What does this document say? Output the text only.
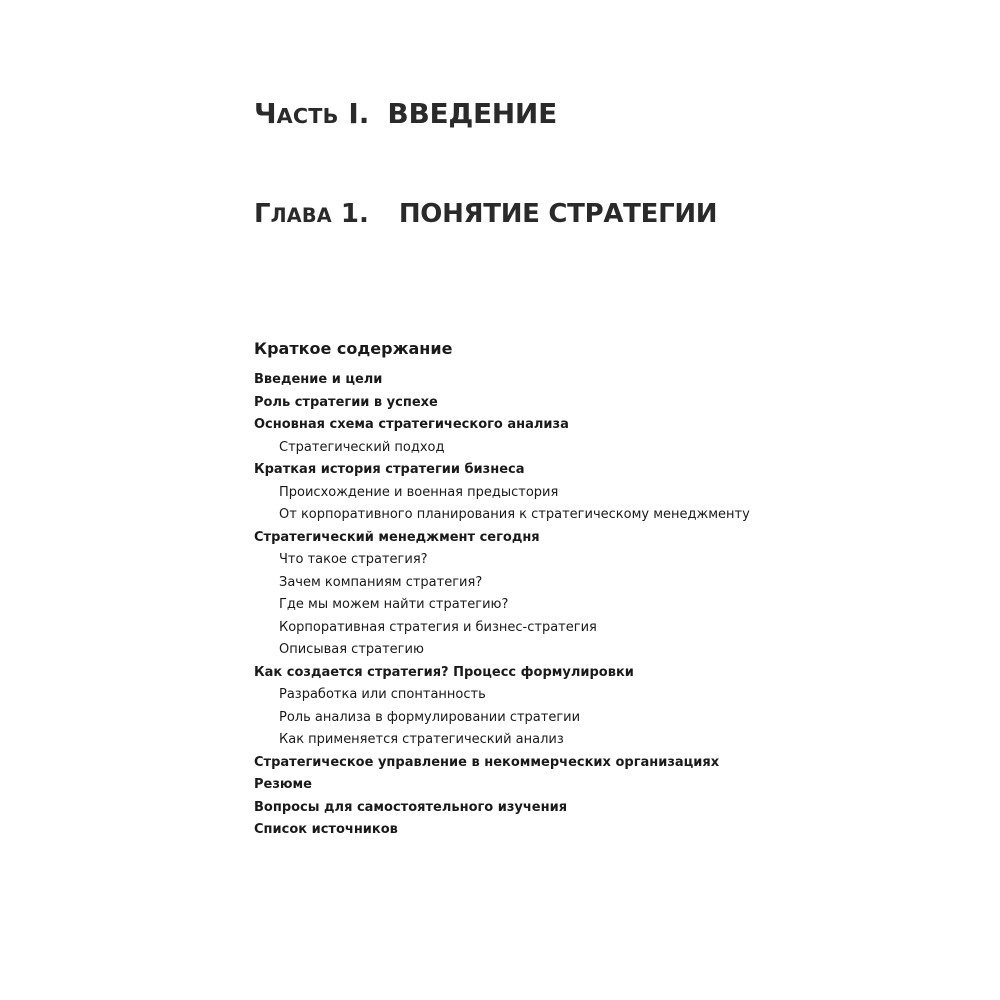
ЧАСТЬ I. ВВЕДЕНИЕ
ГЛАВА 1. ПОНЯТИЕ СТРАТЕГИИ
Краткое содержание
Введение и цели
Роль стратегии в успехе
Основная схема стратегического анализа
Стратегический подход
Краткая история стратегии бизнеса
Происхождение и военная предыстория
От корпоративного планирования к стратегическому менеджменту
Стратегический менеджмент сегодня
Что такое стратегия?
Зачем компаниям стратегия?
Где мы можем найти стратегию?
Корпоративная стратегия и бизнес-стратегия
Описывая стратегию
Как создается стратегия? Процесс формулировки
Разработка или спонтанность
Роль анализа в формулировании стратегии
Как применяется стратегический анализ
Стратегическое управление в некоммерческих организациях
Резюме
Вопросы для самостоятельного изучения
Список источников
